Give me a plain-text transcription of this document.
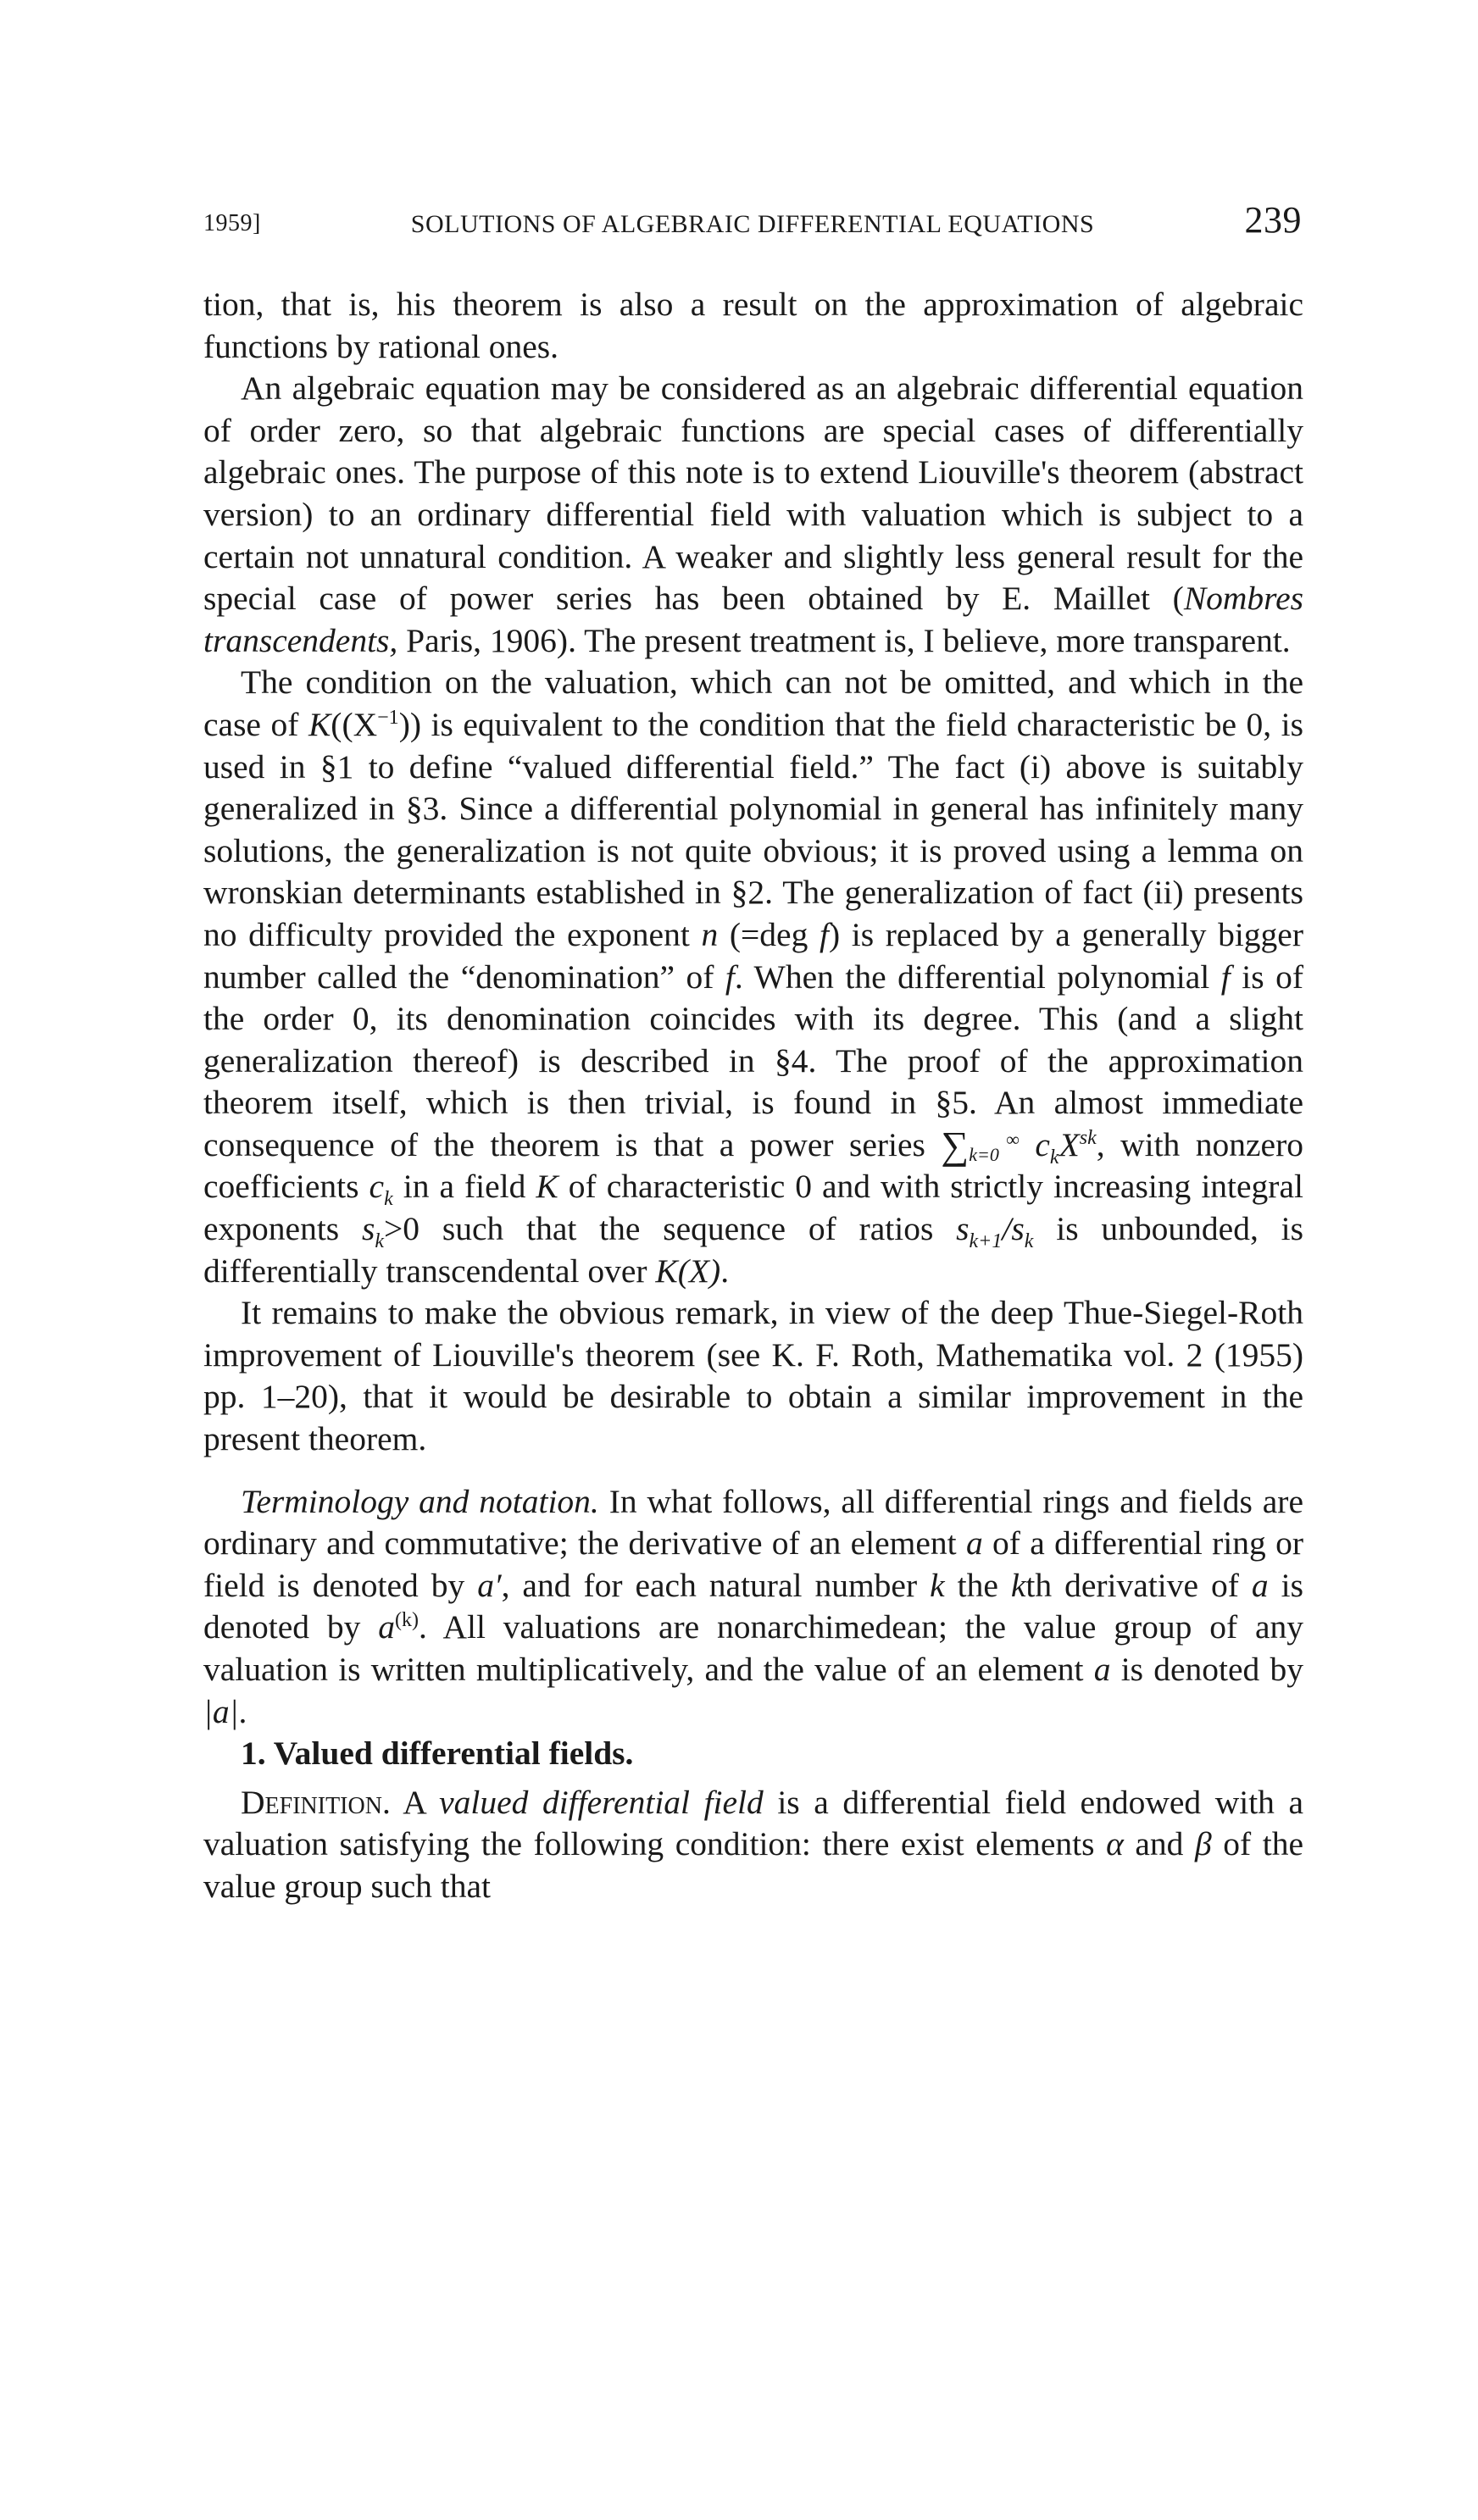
1959]	SOLUTIONS OF ALGEBRAIC DIFFERENTIAL EQUATIONS	239

tion, that is, his theorem is also a result on the approximation of algebraic functions by rational ones.

An algebraic equation may be considered as an algebraic differential equation of order zero, so that algebraic functions are special cases of differentially algebraic ones. The purpose of this note is to extend Liouville's theorem (abstract version) to an ordinary differential field with valuation which is subject to a certain not unnatural condition. A weaker and slightly less general result for the special case of power series has been obtained by E. Maillet (Nombres transcendents, Paris, 1906). The present treatment is, I believe, more transparent.

The condition on the valuation, which can not be omitted, and which in the case of $K((X^{-1}))$ is equivalent to the condition that the field characteristic be 0, is used in §1 to define “valued differential field.” The fact (i) above is suitably generalized in §3. Since a differential polynomial in general has infinitely many solutions, the generalization is not quite obvious; it is proved using a lemma on wronskian determinants established in §2. The generalization of fact (ii) presents no difficulty provided the exponent n (=deg f) is replaced by a generally bigger number called the “denomination” of f. When the differential polynomial f is of the order 0, its denomination coincides with its degree. This (and a slight generalization thereof) is described in §4. The proof of the approximation theorem itself, which is then trivial, is found in §5. An almost immediate consequence of the theorem is that a power series ∑ ∞
k=0 $c_kX^{sk}$, with nonzero coefficients $c_k$ in a field K of characteristic 0 and with strictly increasing integral exponents $s_k>0$ such that the sequence of ratios $s_{k+1}/s_k$ is unbounded, is differentially transcendental over K(X).

It remains to make the obvious remark, in view of the deep Thue-Siegel-Roth improvement of Liouville's theorem (see K. F. Roth, Mathematika vol. 2 (1955) pp. 1–20), that it would be desirable to obtain a similar improvement in the present theorem.

Terminology and notation. In what follows, all differential rings and fields are ordinary and commutative; the derivative of an element a of a differential ring or field is denoted by a′, and for each natural number k the kth derivative of a is denoted by $a^{(k)}$. All valuations are nonarchimedean; the value group of any valuation is written multiplicatively, and the value of an element a is denoted by |a|.

1. Valued differential fields.

Definition. A valued differential field is a differential field endowed with a valuation satisfying the following condition: there exist elements α and β of the value group such that
